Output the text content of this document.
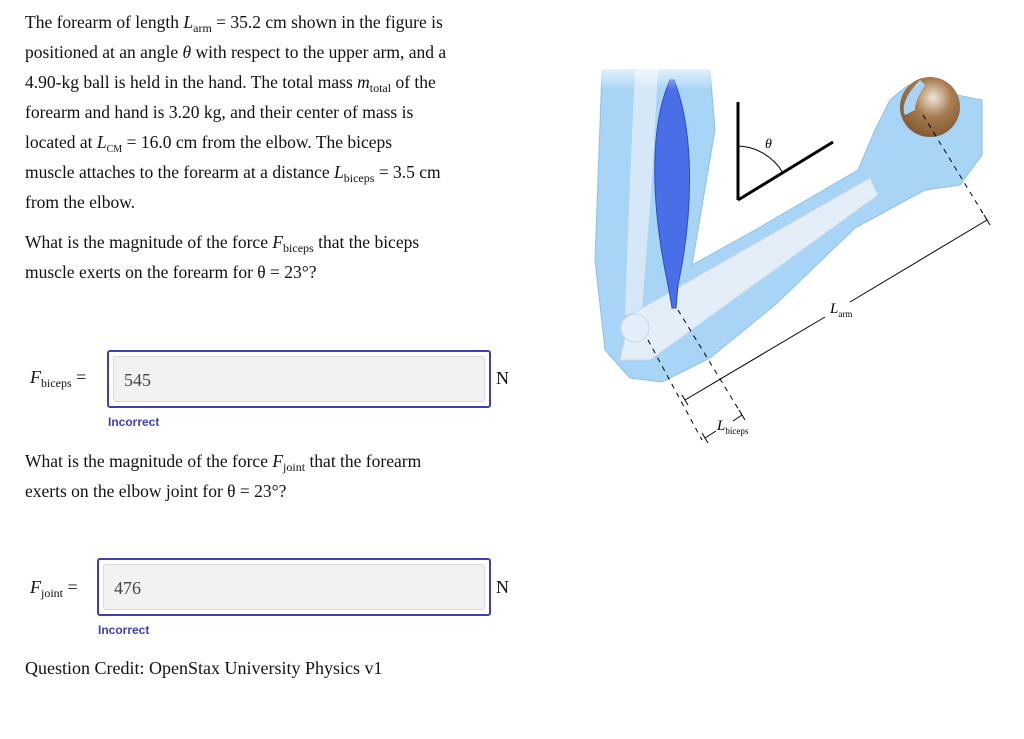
The forearm of length $L_{arm} = 35.2$ cm shown in the figure is
positioned at an angle θ with respect to the upper arm, and a
4.90-kg ball is held in the hand. The total mass $m_{total}$ of the
forearm and hand is 3.20 kg, and their center of mass is
located at $L_{CM} = 16.0$ cm from the elbow. The biceps
muscle attaches to the forearm at a distance $L_{biceps} = 3.5$ cm
from the elbow.
What is the magnitude of the force $F_{biceps}$ that the biceps
muscle exerts on the forearm for θ = 23°?
$F_{biceps}$ =	545	N
Incorrect
What is the magnitude of the force $F_{joint}$ that the forearm
exerts on the elbow joint for θ = 23°?
$F_{joint}$ =	476	N
Incorrect
Question Credit: OpenStax University Physics v1
θ
$L_{arm}$
$L_{biceps}$
